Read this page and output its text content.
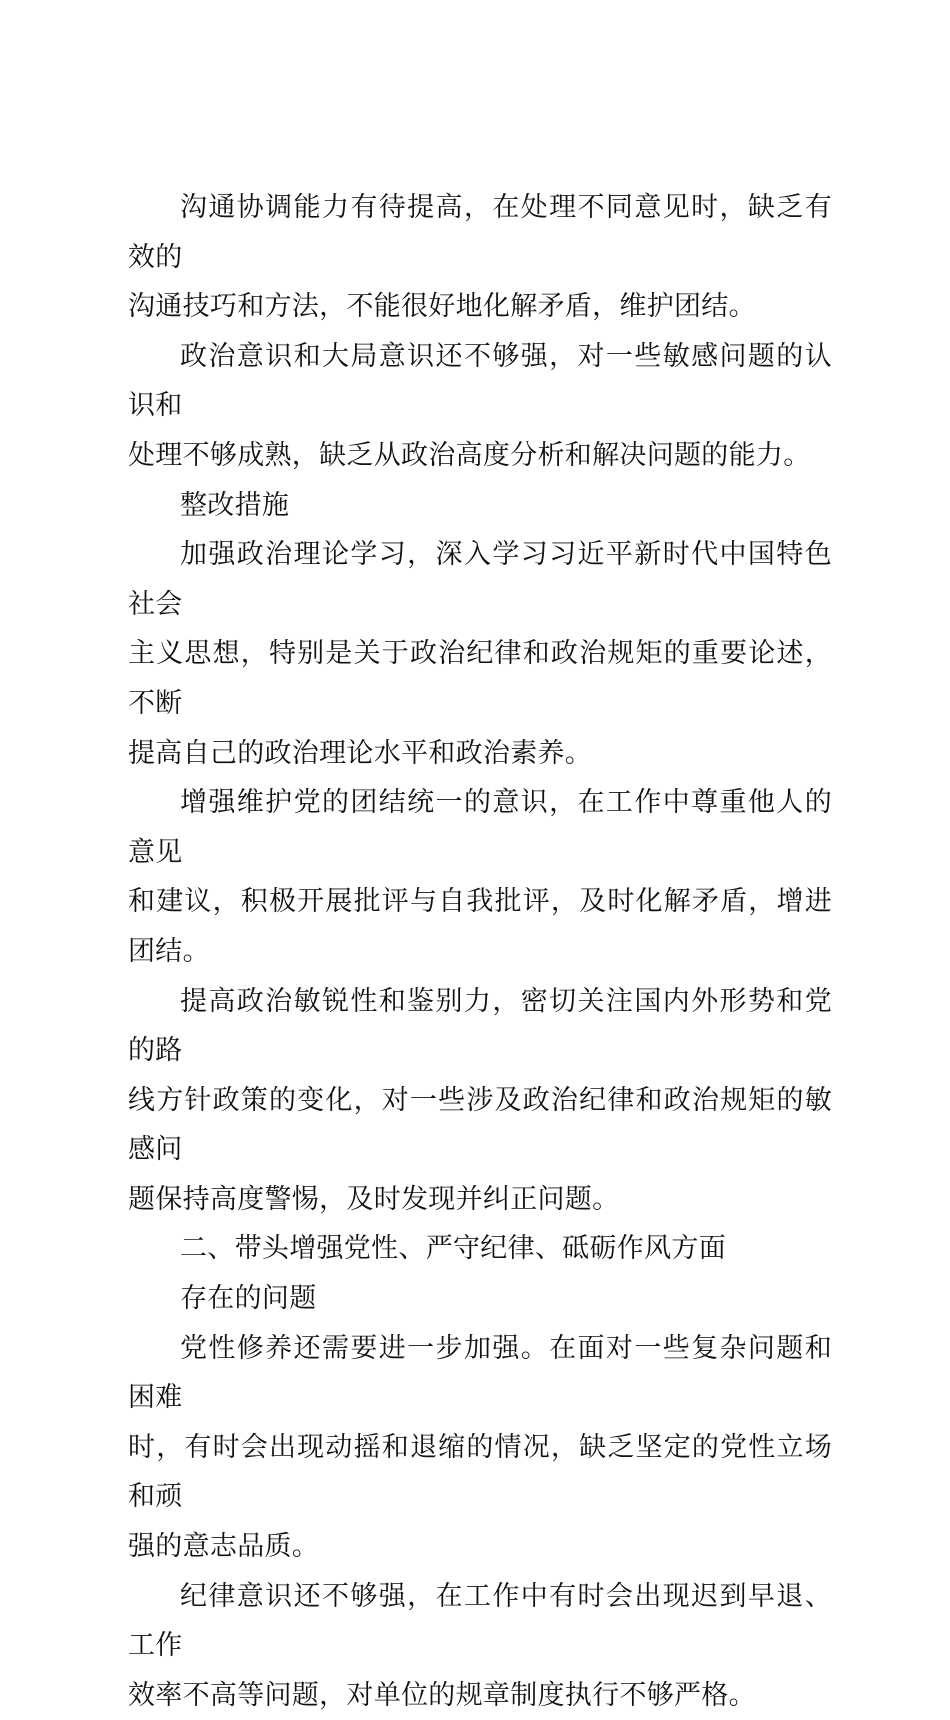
沟通协调能力有待提高，在处理不同意见时，缺乏有效的
沟通技巧和方法，不能很好地化解矛盾，维护团结。

政治意识和大局意识还不够强，对一些敏感问题的认识和
处理不够成熟，缺乏从政治高度分析和解决问题的能力。

整改措施

加强政治理论学习，深入学习习近平新时代中国特色社会
主义思想，特别是关于政治纪律和政治规矩的重要论述，不断
提高自己的政治理论水平和政治素养。

增强维护党的团结统一的意识，在工作中尊重他人的意见
和建议，积极开展批评与自我批评，及时化解矛盾，增进团结。

提高政治敏锐性和鉴别力，密切关注国内外形势和党的路
线方针政策的变化，对一些涉及政治纪律和政治规矩的敏感问
题保持高度警惕，及时发现并纠正问题。

二、带头增强党性、严守纪律、砥砺作风方面

存在的问题

党性修养还需要进一步加强。在面对一些复杂问题和困难
时，有时会出现动摇和退缩的情况，缺乏坚定的党性立场和顽
强的意志品质。

纪律意识还不够强，在工作中有时会出现迟到早退、工作
效率不高等问题，对单位的规章制度执行不够严格。
